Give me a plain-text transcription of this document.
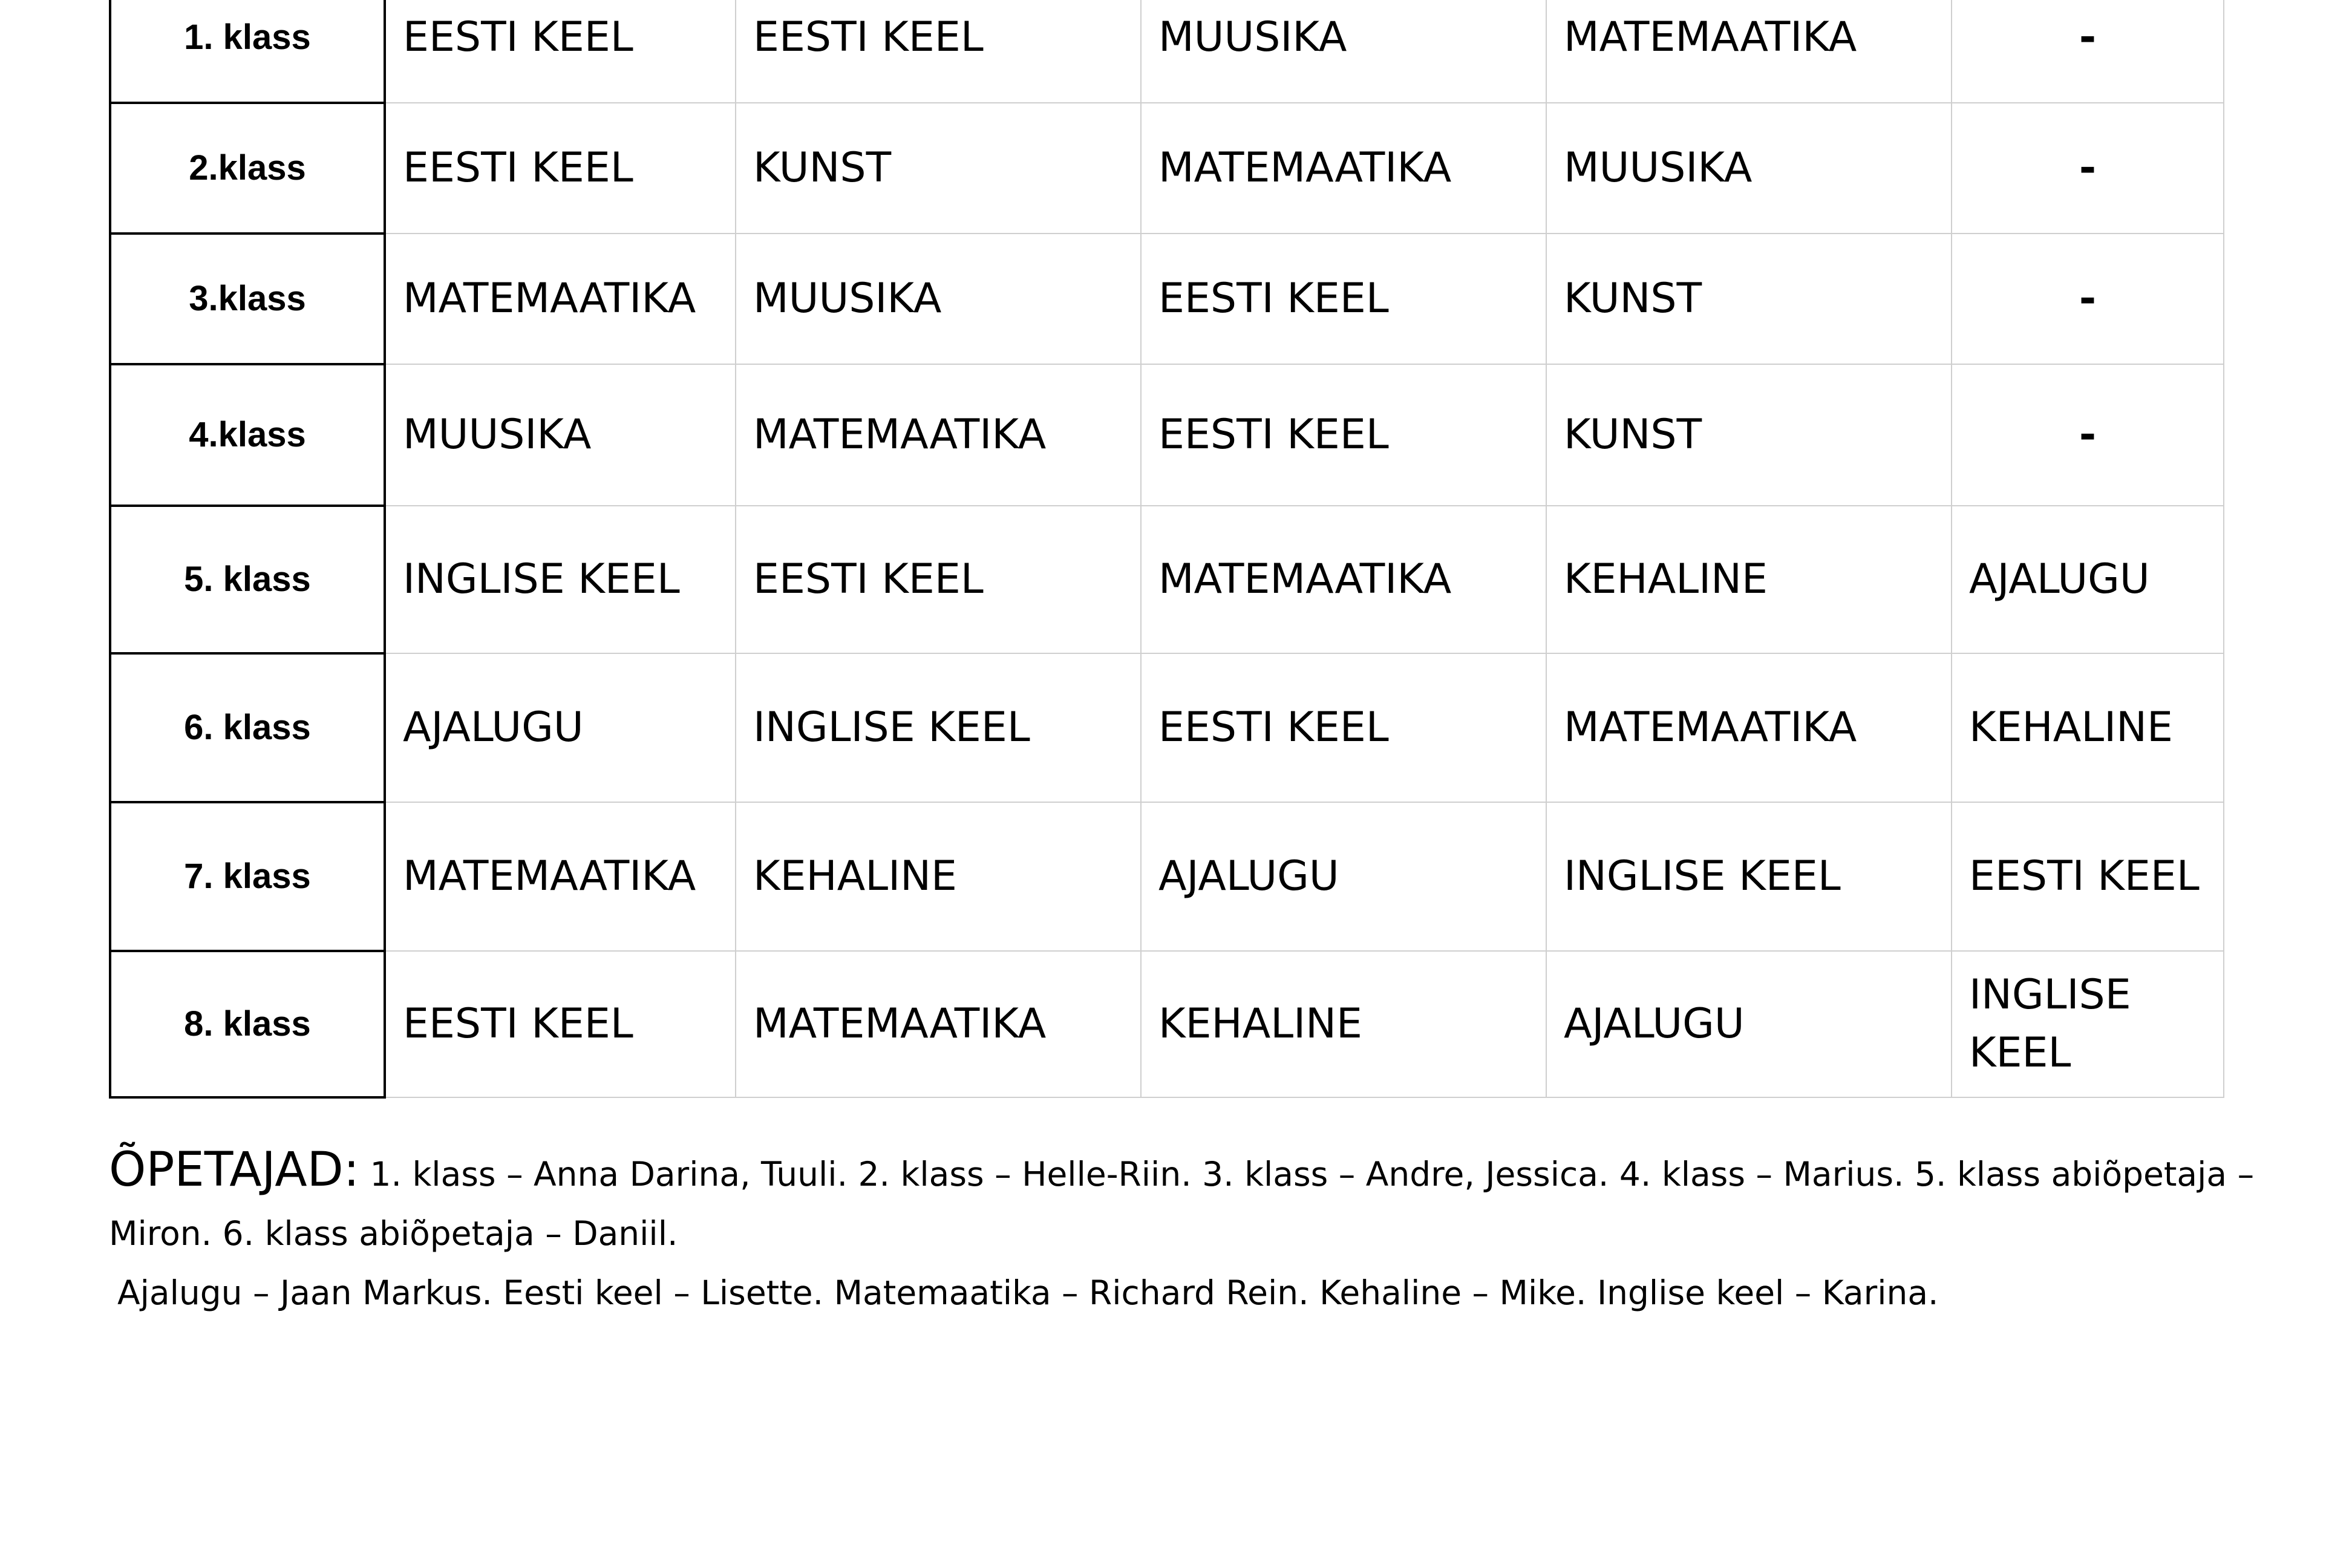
1. klass	EESTI KEEL	EESTI KEEL	MUUSIKA	MATEMAATIKA	-
2.klass	EESTI KEEL	KUNST	MATEMAATIKA	MUUSIKA	-
3.klass	MATEMAATIKA	MUUSIKA	EESTI KEEL	KUNST	-
4.klass	MUUSIKA	MATEMAATIKA	EESTI KEEL	KUNST	-
5. klass	INGLISE KEEL	EESTI KEEL	MATEMAATIKA	KEHALINE	AJALUGU
6. klass	AJALUGU	INGLISE KEEL	EESTI KEEL	MATEMAATIKA	KEHALINE
7. klass	MATEMAATIKA	KEHALINE	AJALUGU	INGLISE KEEL	EESTI KEEL
8. klass	EESTI KEEL	MATEMAATIKA	KEHALINE	AJALUGU	INGLISE KEEL

ÕPETAJAD: 1. klass – Anna Darina, Tuuli. 2. klass – Helle-Riin. 3. klass – Andre, Jessica. 4. klass – Marius. 5. klass abiõpetaja – Miron. 6. klass abiõpetaja – Daniil.

Ajalugu – Jaan Markus. Eesti keel – Lisette. Matemaatika – Richard Rein. Kehaline – Mike. Inglise keel – Karina.
